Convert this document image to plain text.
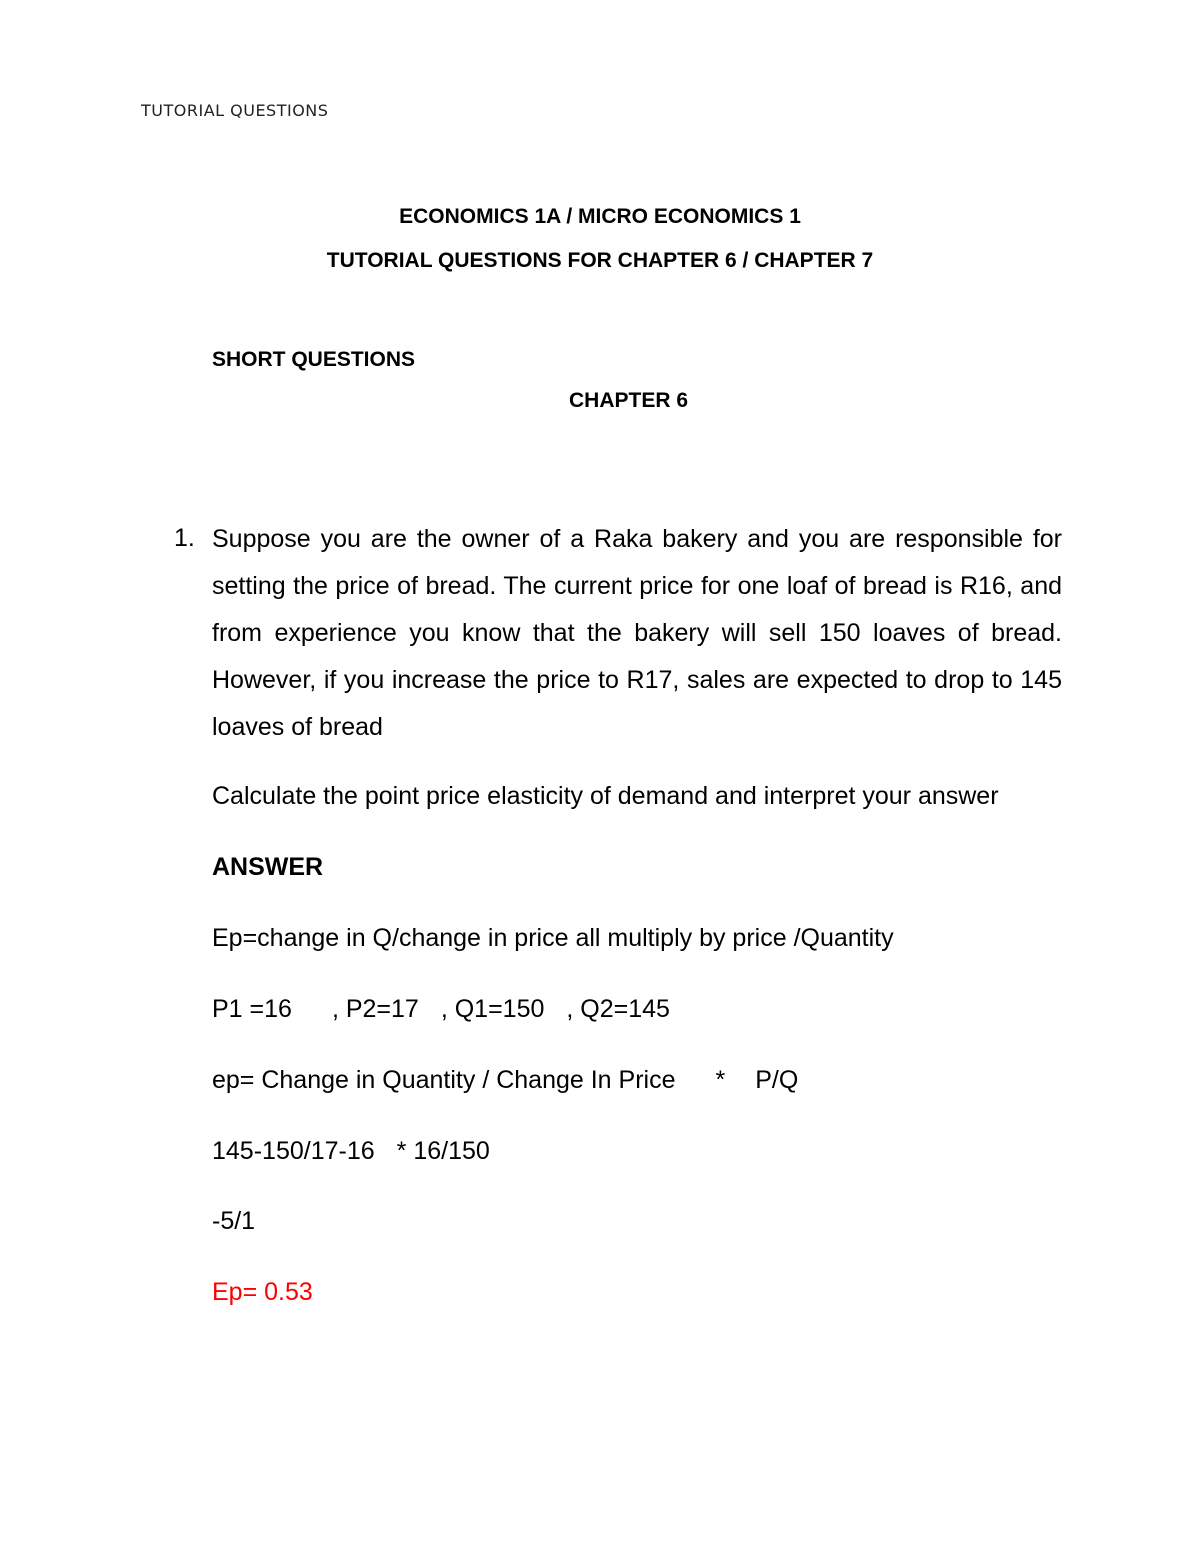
TUTORIAL QUESTIONS
ECONOMICS 1A / MICRO ECONOMICS 1
TUTORIAL QUESTIONS FOR CHAPTER 6 / CHAPTER 7
SHORT QUESTIONS
CHAPTER 6
1. Suppose you are the owner of a Raka bakery and you are responsible for setting the price of bread. The current price for one loaf of bread is R16, and from experience you know that the bakery will sell 150 loaves of bread. However, if you increase the price to R17, sales are expected to drop to 145 loaves of bread
Calculate the point price elasticity of demand and interpret your answer
ANSWER
Ep=change in Q/change in price all multiply by price /Quantity
P1 =16 , P2=17 , Q1=150 , Q2=145
ep= Change in Quantity / Change In Price * P/Q
145-150/17-16 * 16/150
-5/1
Ep= 0.53
